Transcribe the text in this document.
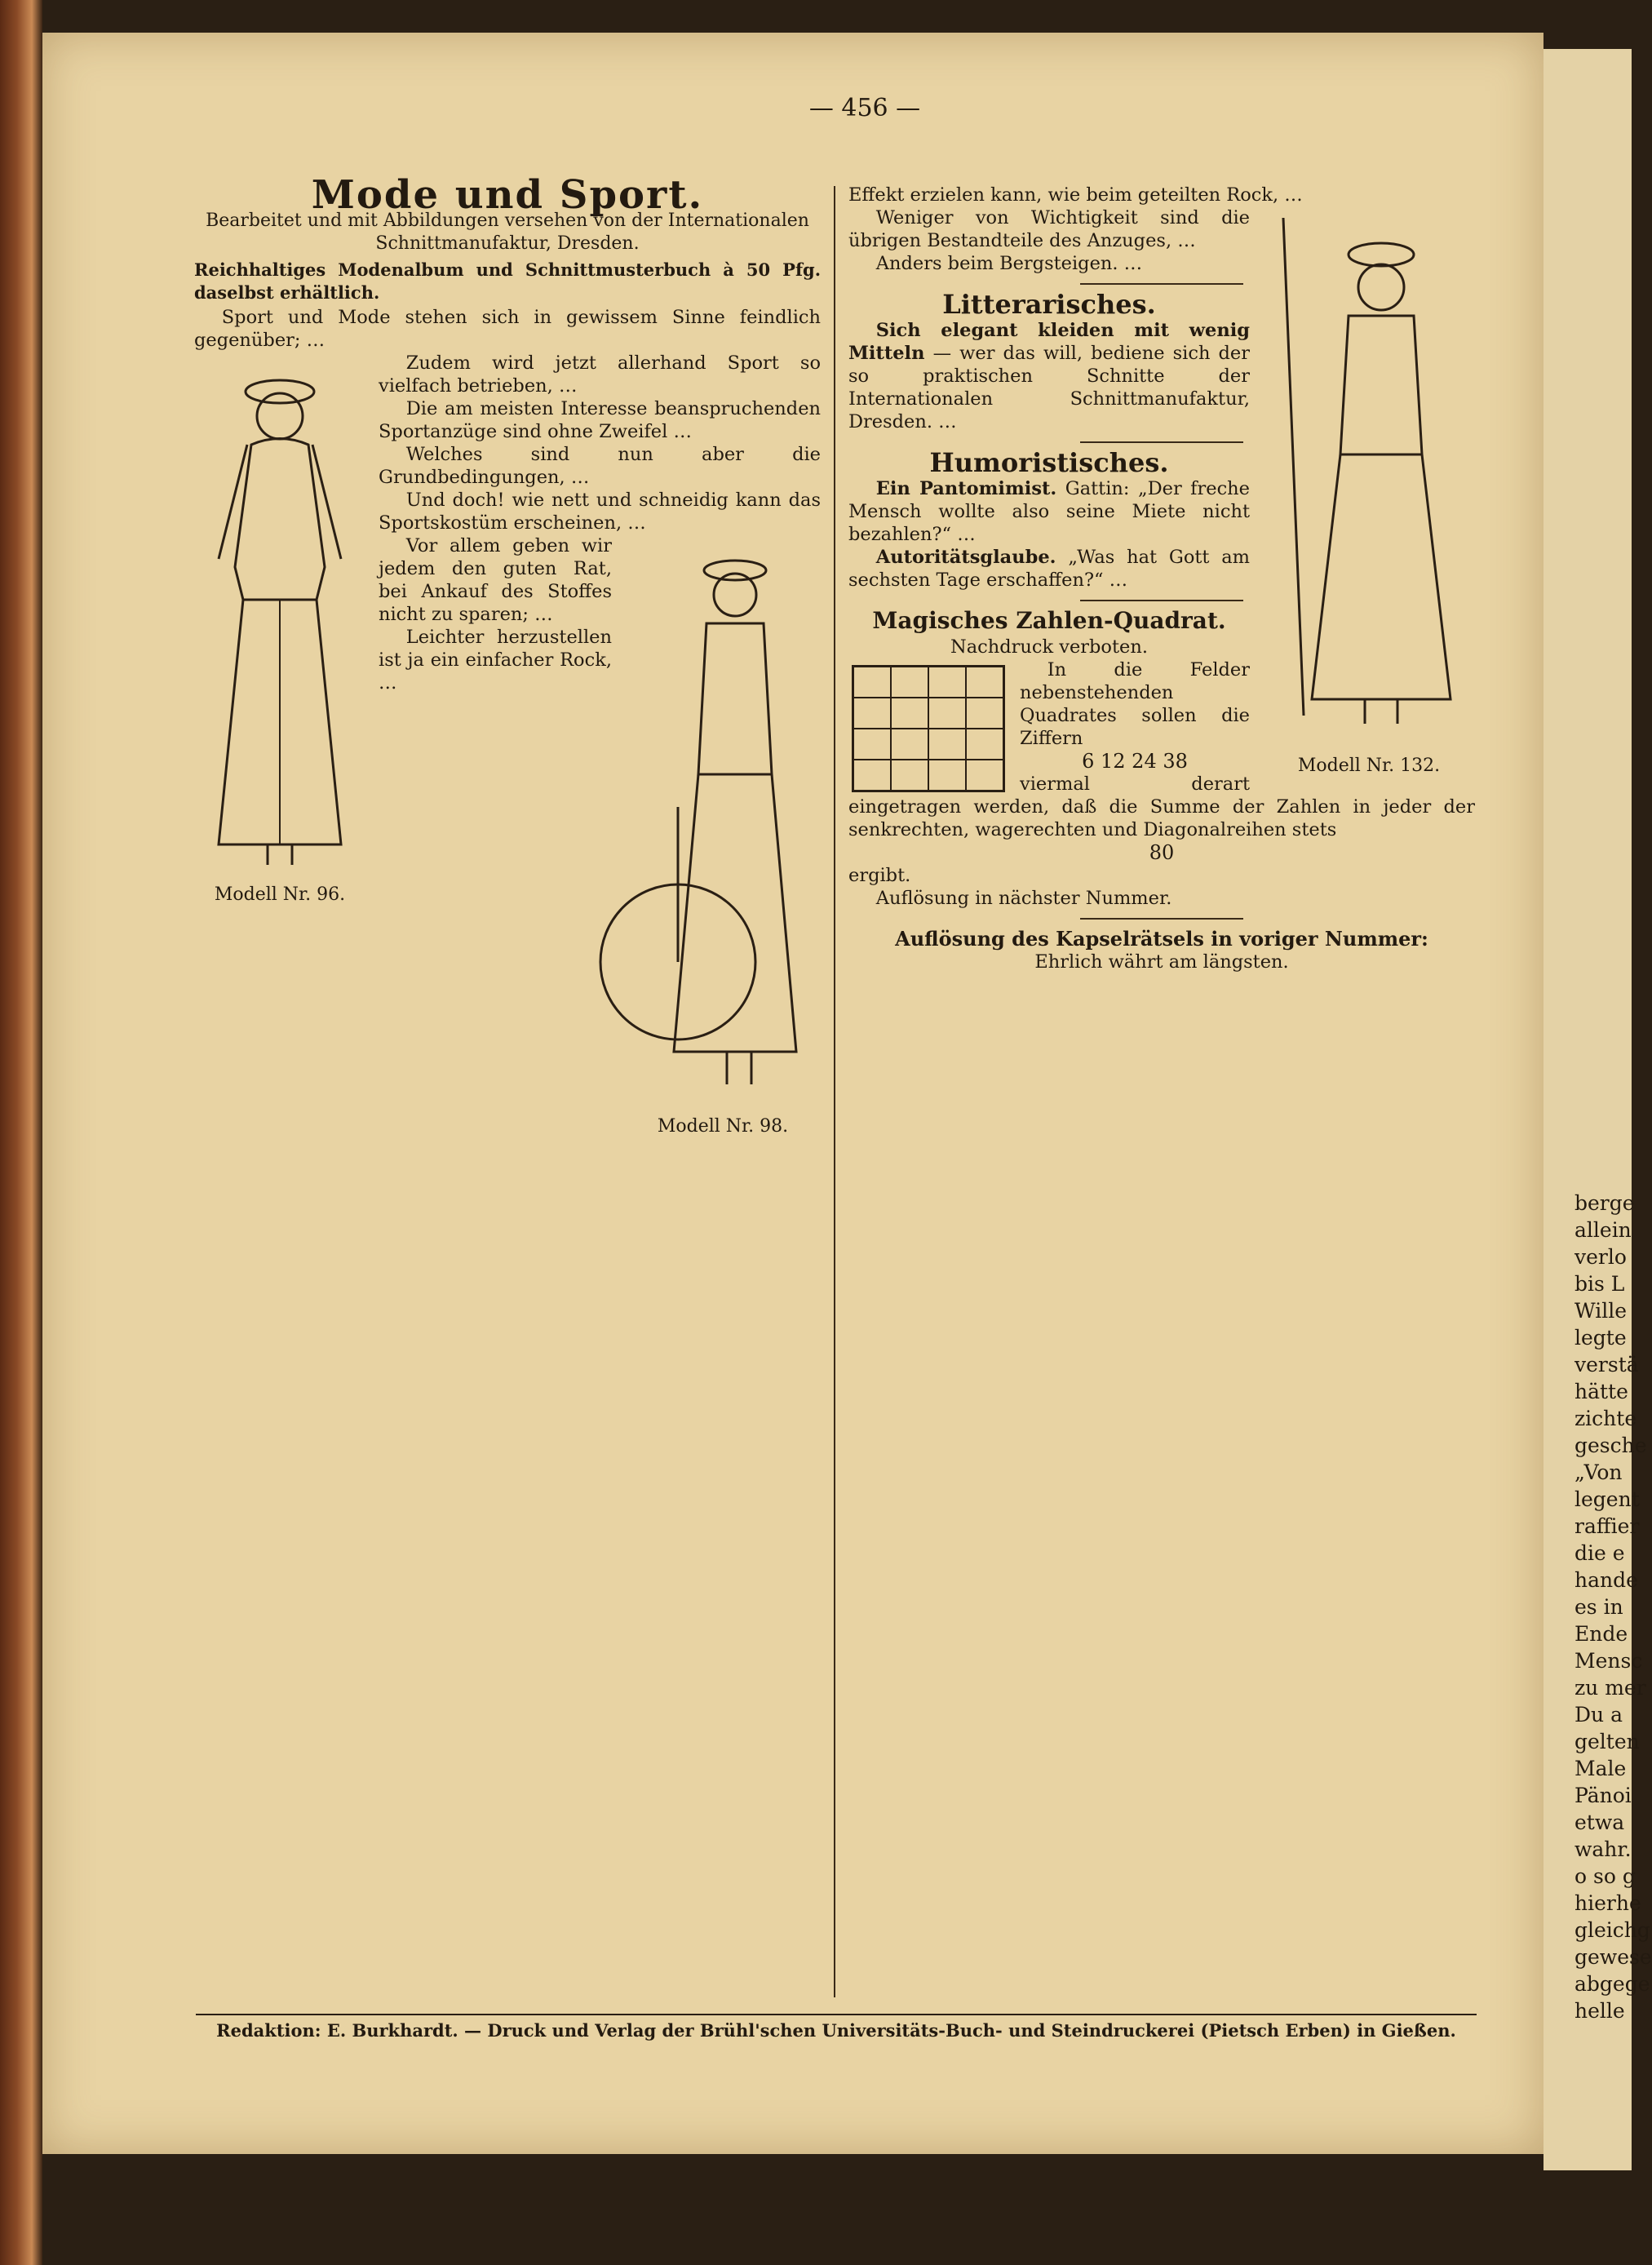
berge
allein
verlo
bis L
Wille
legte
verstä
hätte
zichte
gesche
„Von
legent
raffier
die e
hande
es in
Ende
Mensc
zu mer
Du a
gelten
Male
Pänoi
etwa
wahr.
o so g
hierhe
gleichg
gewese
abgege
helle
— 456 —
Mode und Sport.

Bearbeitet und mit Abbildungen versehen von der Internationalen Schnittmanufaktur, Dresden.

Reichhaltiges Modenalbum und Schnittmusterbuch à 50 Pfg. daselbst erhältlich.

Sport und Mode stehen sich in gewissem Sinne feindlich gegenüber; …

Modell Nr. 96.

Zudem wird jetzt allerhand Sport so vielfach betrieben, …

Die am meisten Interesse beanspruchenden Sportanzüge sind ohne Zweifel …

Welches sind nun aber die Grundbedingungen, …

Und doch! wie nett und schneidig kann das Sportskostüm erscheinen, …

Modell Nr. 98.

Vor allem geben wir jedem den guten Rat, bei Ankauf des Stoffes nicht zu sparen; …

Leichter herzustellen ist ja ein einfacher Rock, …

Effekt erzielen kann, wie beim geteilten Rock, …

Modell Nr. 132.

Weniger von Wichtigkeit sind die übrigen Bestandteile des Anzuges, …

Anders beim Bergsteigen. …

Litterarisches.

Sich elegant kleiden mit wenig Mitteln — wer das will, bediene sich der so praktischen Schnitte der Internationalen Schnittmanufaktur, Dresden. …

Humoristisches.

Ein Pantomimist. Gattin: „Der freche Mensch wollte also seine Miete nicht bezahlen?“ …

Autoritätsglaube. „Was hat Gott am sechsten Tage erschaffen?“ …

Magisches Zahlen-Quadrat.

Nachdruck verboten.

In die Felder nebenstehenden Quadrates sollen die Ziffern

6 12 24 38

viermal derart eingetragen werden, daß die Summe der Zahlen in jeder der senkrechten, wagerechten und Diagonalreihen stets

80

ergibt.

Auflösung in nächster Nummer.

Auflösung des Kapselrätsels in voriger Nummer:

Ehrlich währt am längsten.

Redaktion: E. Burkhardt. — Druck und Verlag der Brühl'schen Universitäts-Buch- und Steindruckerei (Pietsch Erben) in Gießen.
